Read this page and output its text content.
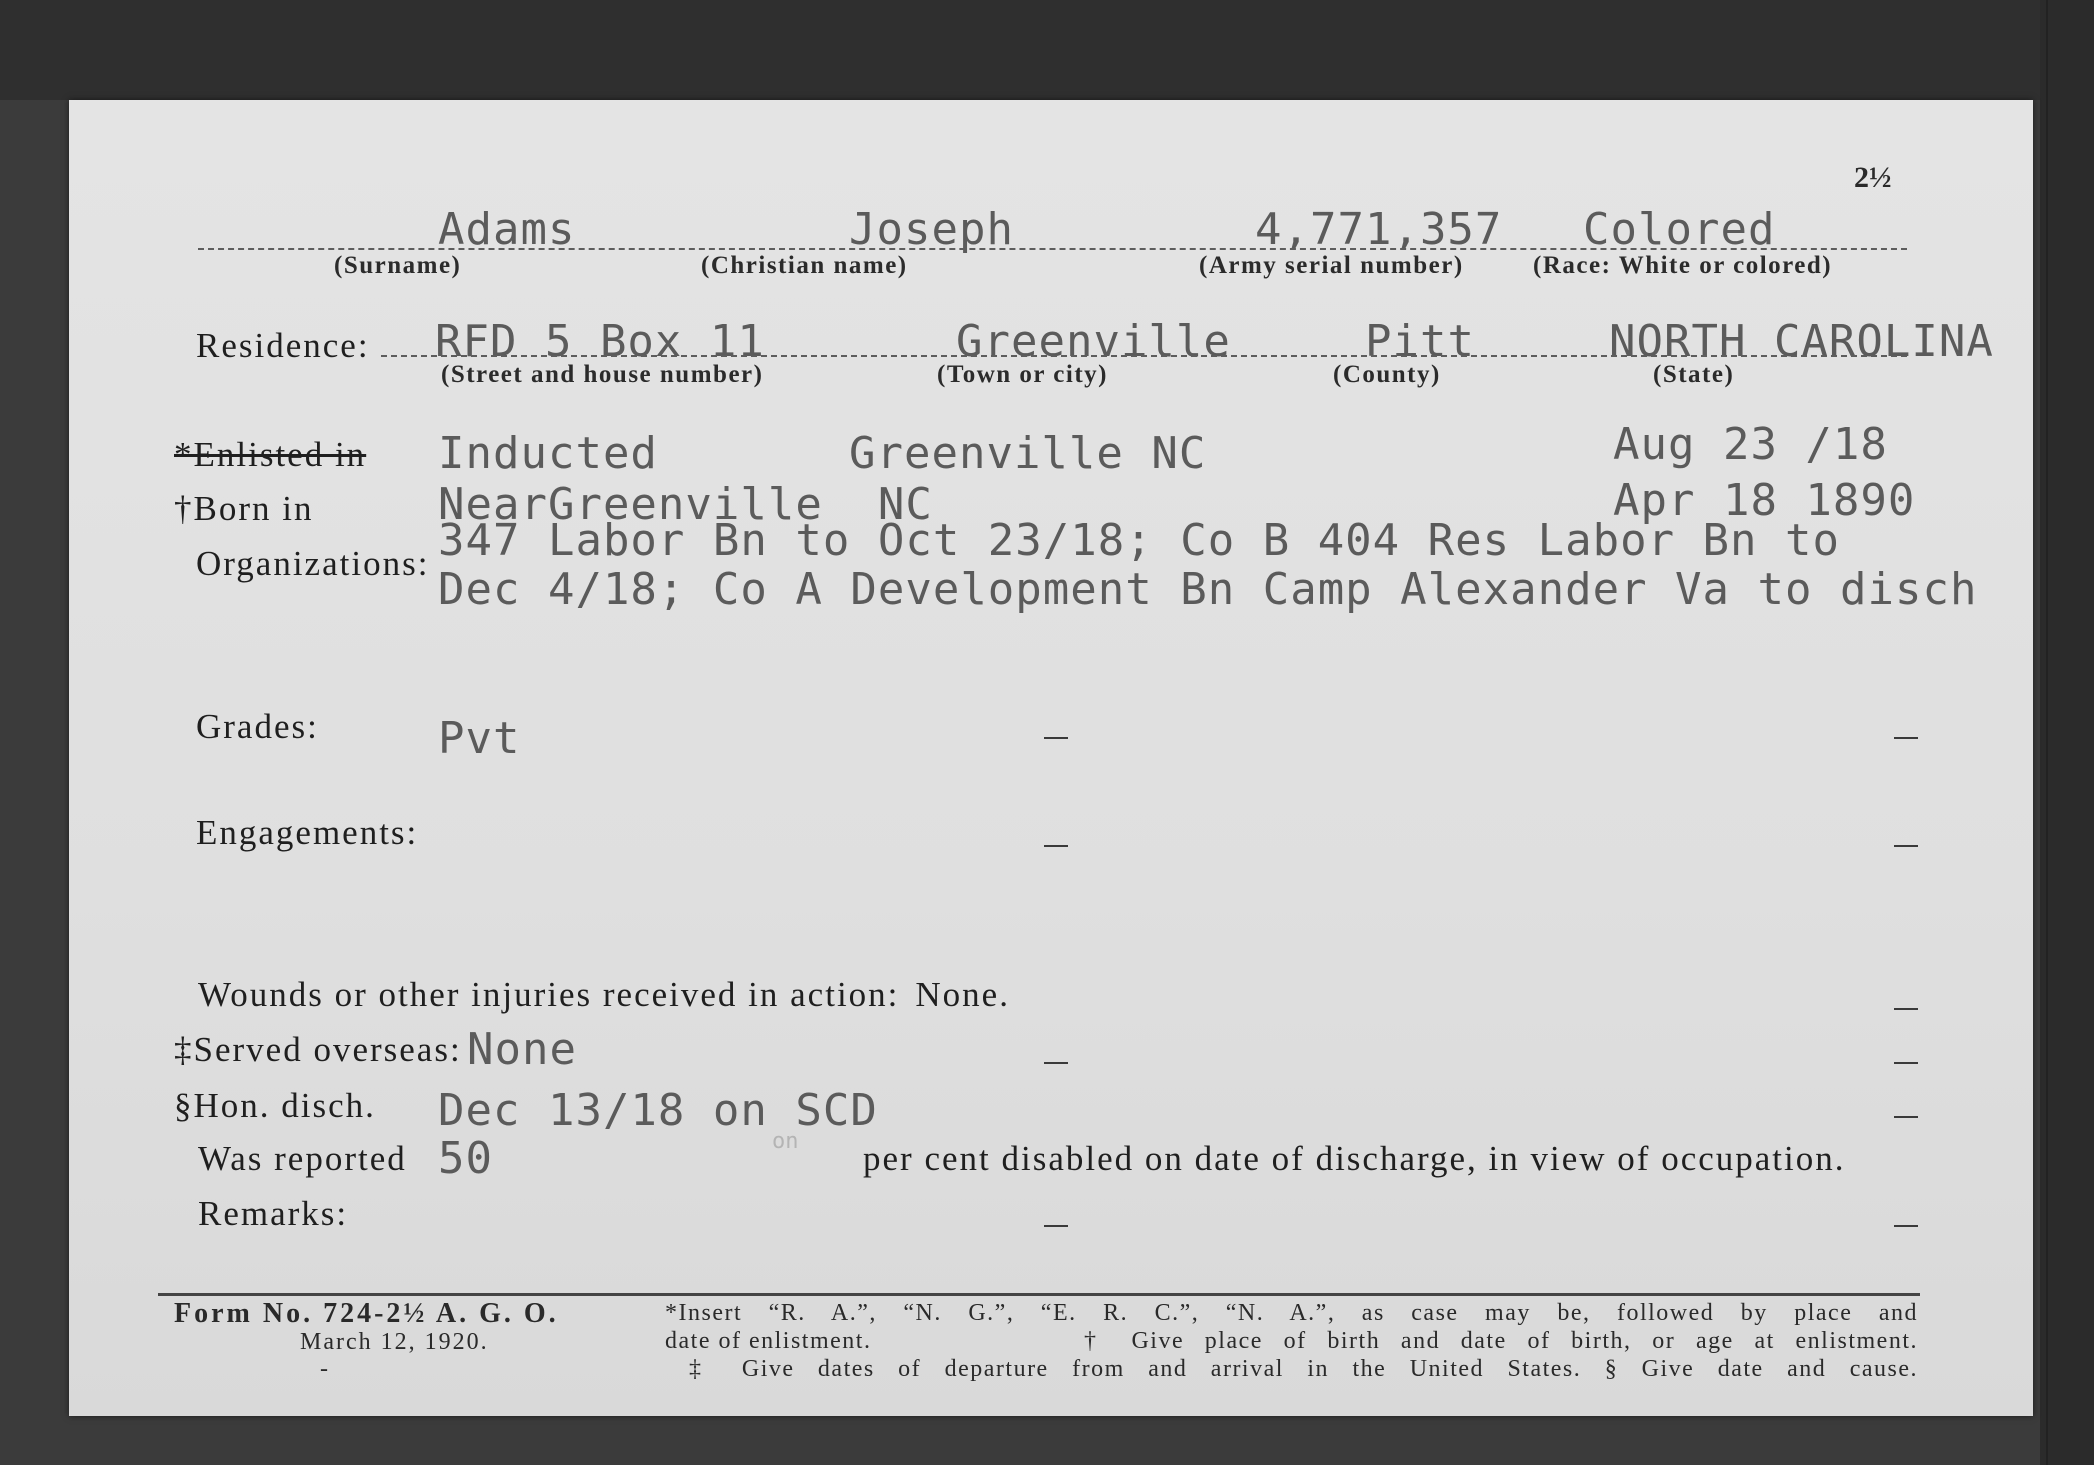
2½
Adams	Joseph	4,771,357 Colored
(Surname)	(Christian name)	(Army serial number)	(Race: White or colored)
Residence: RFD 5 Box 11	Greenville	Pitt	NORTH CAROLINA
(Street and house number)	(Town or city)	(County)	(State)
*Enlisted in Inducted	Greenville NC	Aug 23 /18
†Born in	NearGreenville  NC	Apr 18 1890
Organizations: 347 Labor Bn to Oct 23/18; Co B 404 Res Labor Bn to
Dec 4/18; Co A Development Bn Camp Alexander Va to disch
Grades:	Pvt
Engagements:
Wounds or other injuries received in action: None.
‡Served overseas: None
§Hon. disch. Dec 13/18 on SCD
on
Was reported 50	per cent disabled on date of discharge, in view of occupation.
Remarks:
Form No. 724-2½ A. G. O.
March 12, 1920.
-
*Insert “R. A.”, “N. G.”, “E. R. C.”, “N. A.”, as case may be, followed by place and
date of enlistment.	† Give place of birth and date of birth, or age at enlistment.
‡ Give dates of departure from and arrival in the United States. § Give date and cause.
